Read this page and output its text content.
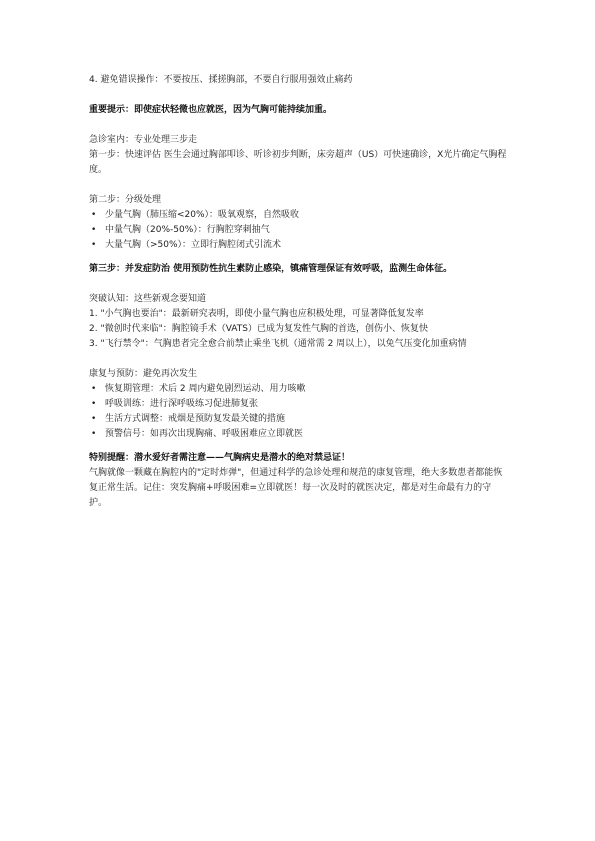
4. 避免错误操作：不要按压、揉搓胸部，不要自行服用强效止痛药

重要提示：即使症状轻微也应就医，因为气胸可能持续加重。

急诊室内：专业处理三步走

第一步：快速评估 医生会通过胸部叩诊、听诊初步判断，床旁超声（US）可快速确诊，X光片确定气胸程度。

第二步：分级处理

• 少量气胸（肺压缩<20%）：吸氧观察，自然吸收
• 中量气胸（20%-50%）：行胸腔穿刺抽气
• 大量气胸（>50%）：立即行胸腔闭式引流术

第三步：并发症防治 使用预防性抗生素防止感染，镇痛管理保证有效呼吸，监测生命体征。

突破认知：这些新观念要知道

1. "小气胸也要治"：最新研究表明，即使小量气胸也应积极处理，可显著降低复发率

2. "微创时代来临"：胸腔镜手术（VATS）已成为复发性气胸的首选，创伤小、恢复快

3. "飞行禁令"：气胸患者完全愈合前禁止乘坐飞机（通常需 2 周以上），以免气压变化加重病情

康复与预防：避免再次发生

• 恢复期管理：术后 2 周内避免剧烈运动、用力咳嗽
• 呼吸训练：进行深呼吸练习促进肺复张
• 生活方式调整：戒烟是预防复发最关键的措施
• 预警信号：如再次出现胸痛、呼吸困难应立即就医

特别提醒：潜水爱好者需注意——气胸病史是潜水的绝对禁忌证！

气胸就像一颗藏在胸腔内的"定时炸弹"，但通过科学的急诊处理和规范的康复管理，绝大多数患者都能恢复正常生活。记住：突发胸痛+呼吸困难=立即就医！每一次及时的就医决定，都是对生命最有力的守护。
